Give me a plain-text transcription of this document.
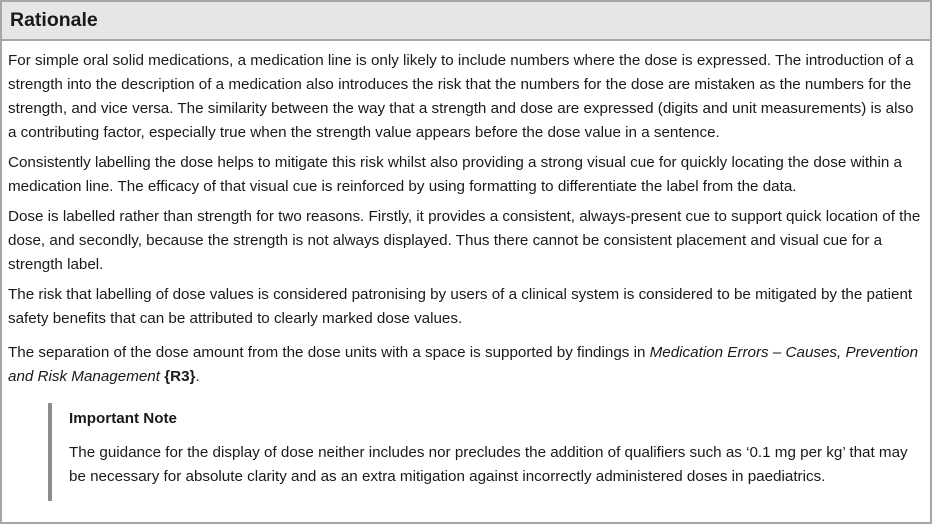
Rationale

For simple oral solid medications, a medication line is only likely to include numbers where the dose is expressed. The introduction of a strength into the description of a medication also introduces the risk that the numbers for the dose are mistaken as the numbers for the strength, and vice versa. The similarity between the way that a strength and dose are expressed (digits and unit measurements) is also a contributing factor, especially true when the strength value appears before the dose value in a sentence.

Consistently labelling the dose helps to mitigate this risk whilst also providing a strong visual cue for quickly locating the dose within a medication line. The efficacy of that visual cue is reinforced by using formatting to differentiate the label from the data.

Dose is labelled rather than strength for two reasons. Firstly, it provides a consistent, always-present cue to support quick location of the dose, and secondly, because the strength is not always displayed. Thus there cannot be consistent placement and visual cue for a strength label.

The risk that labelling of dose values is considered patronising by users of a clinical system is considered to be mitigated by the patient safety benefits that can be attributed to clearly marked dose values.

The separation of the dose amount from the dose units with a space is supported by findings in Medication Errors – Causes, Prevention and Risk Management {R3}.

Important Note

The guidance for the display of dose neither includes nor precludes the addition of qualifiers such as ‘0.1 mg per kg’ that may be necessary for absolute clarity and as an extra mitigation against incorrectly administered doses in paediatrics.
